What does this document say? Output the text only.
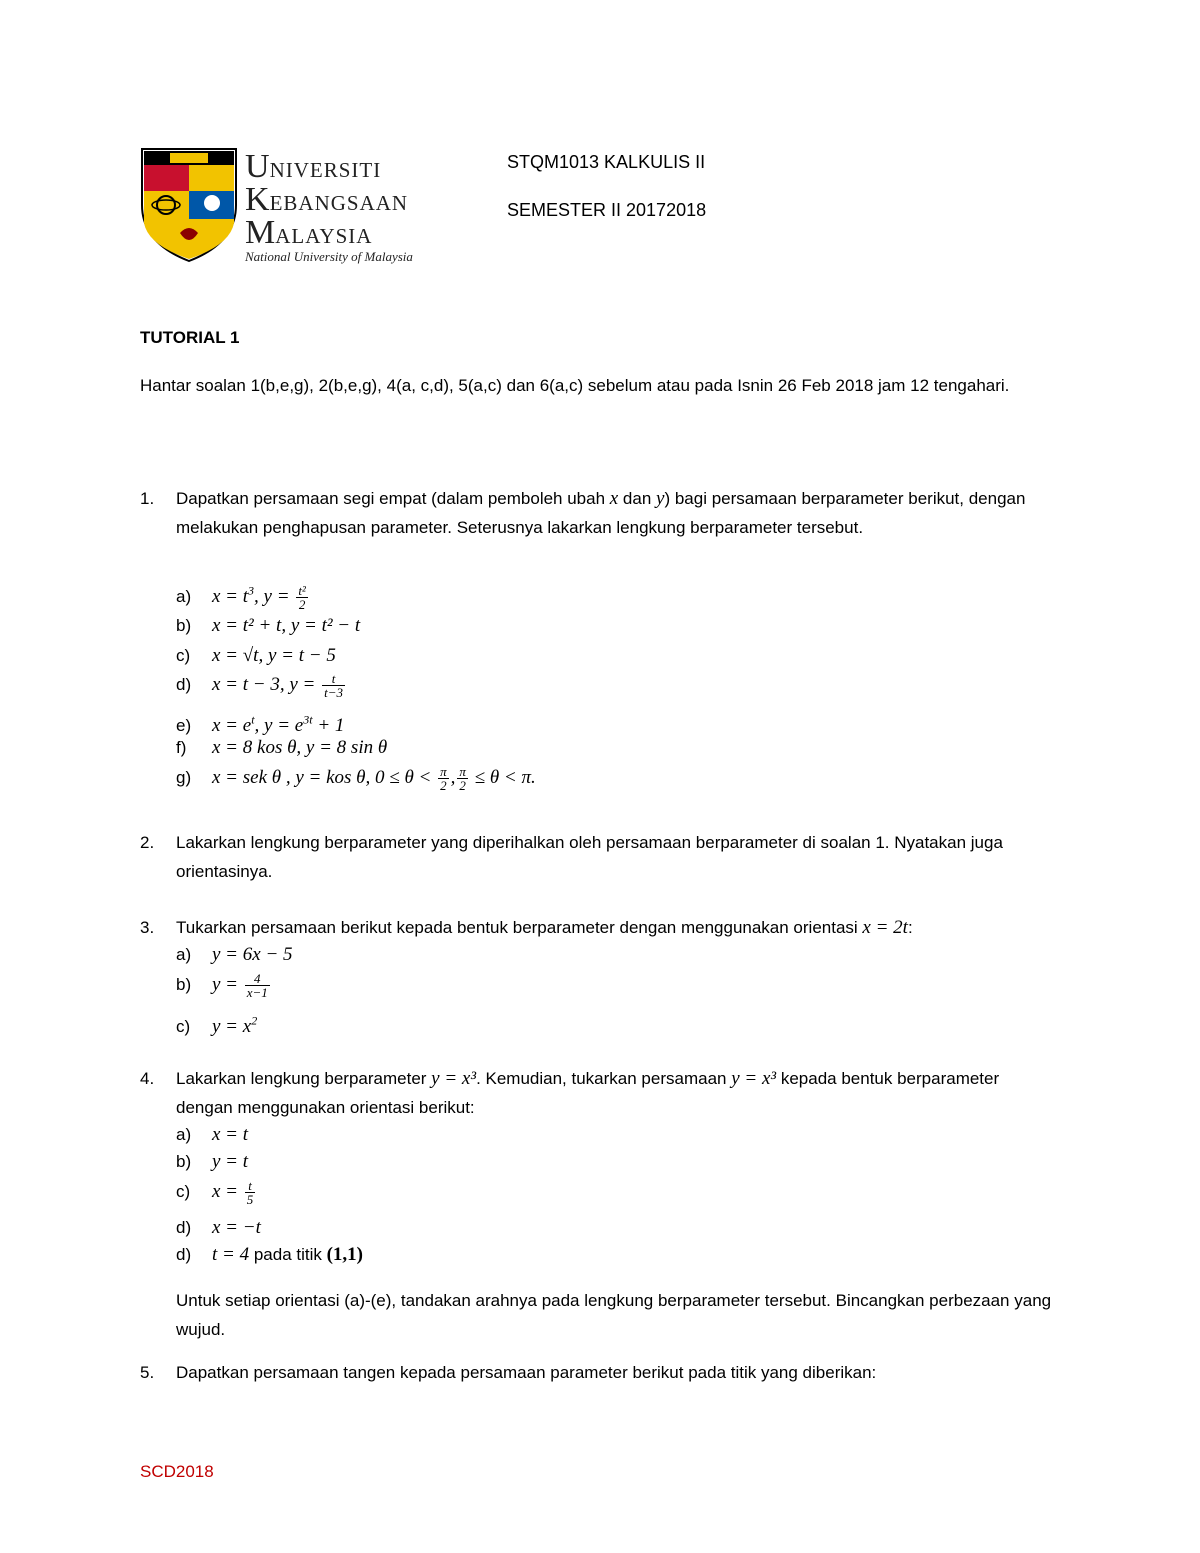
UNIVERSITI
KEBANGSAAN
MALAYSIA
National University of Malaysia
STQM1013 KALKULIS II
SEMESTER II 20172018
TUTORIAL 1
Hantar soalan 1(b,e,g), 2(b,e,g), 4(a, c,d), 5(a,c) dan 6(a,c) sebelum atau pada Isnin 26 Feb 2018 jam 12 tengahari.
1.	Dapatkan persamaan segi empat (dalam pemboleh ubah x dan y) bagi persamaan berparameter berikut, dengan melakukan penghapusan parameter. Seterusnya lakarkan lengkung berparameter tersebut.
a) $x = t^3$, $y = \frac{\text{t²}}{2}$
b) x = t² + t, y = t² − t
c) x = √t, y = t − 5
d) x = t − 3, $y = \frac{t}{t-3}$
e) $x = e^t$, $y = e^{3t} + 1$
f) x = 8 kos θ, y = 8 sin θ
g) x = sek θ , y = kos θ, $0 \le \theta < \frac{\pi}{2}$ , $\frac{\pi}{2} \le \theta < \pi$.
2.	Lakarkan lengkung berparameter yang diperihalkan oleh persamaan berparameter di soalan 1. Nyatakan juga orientasinya.
3.	Tukarkan persamaan berikut kepada bentuk berparameter dengan menggunakan orientasi x = 2t:
a) y = 6x − 5
b) $y = \frac{4}{x-1}$
c) $y = x^2$
4.	Lakarkan lengkung berparameter y = x³. Kemudian, tukarkan persamaan y = x³ kepada bentuk berparameter dengan menggunakan orientasi berikut:
a) x = t
b) y = t
c) $x = \frac{t}{5}$
d) x = −t
d) t = 4 pada titik (1,1)
Untuk setiap orientasi (a)-(e), tandakan arahnya pada lengkung berparameter tersebut. Bincangkan perbezaan yang wujud.
5.	Dapatkan persamaan tangen kepada persamaan parameter berikut pada titik yang diberikan:
SCD2018
